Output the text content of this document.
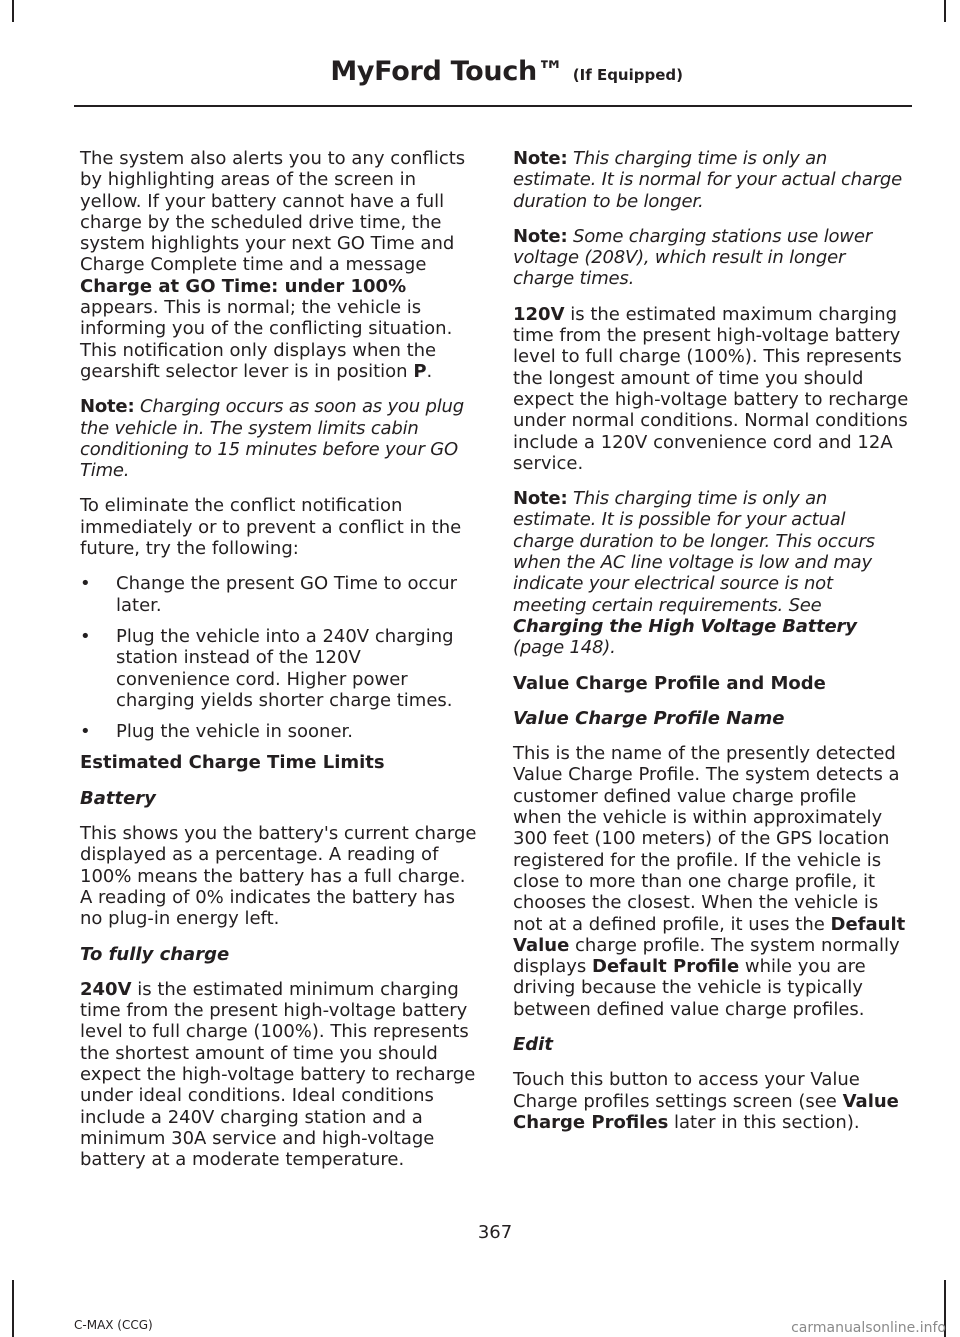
MyFord Touch™ (If Equipped)

The system also alerts you to any conflicts by highlighting areas of the screen in yellow. If your battery cannot have a full charge by the scheduled drive time, the system highlights your next GO Time and Charge Complete time and a message Charge at GO Time: under 100% appears. This is normal; the vehicle is informing you of the conflicting situation. This notification only displays when the gearshift selector lever is in position P.

Note: Charging occurs as soon as you plug the vehicle in. The system limits cabin conditioning to 15 minutes before your GO Time.

To eliminate the conflict notification immediately or to prevent a conflict in the future, try the following:

• Change the present GO Time to occur later.
• Plug the vehicle into a 240V charging station instead of the 120V convenience cord. Higher power charging yields shorter charge times.
• Plug the vehicle in sooner.
Estimated Charge Time Limits
Battery

This shows you the battery's current charge displayed as a percentage. A reading of 100% means the battery has a full charge. A reading of 0% indicates the battery has no plug-in energy left.

To fully charge

240V is the estimated minimum charging time from the present high-voltage battery level to full charge (100%). This represents the shortest amount of time you should expect the high-voltage battery to recharge under ideal conditions. Ideal conditions include a 240V charging station and a minimum 30A service and high-voltage battery at a moderate temperature.

Note: This charging time is only an estimate. It is normal for your actual charge duration to be longer.

Note: Some charging stations use lower voltage (208V), which result in longer charge times.

120V is the estimated maximum charging time from the present high-voltage battery level to full charge (100%). This represents the longest amount of time you should expect the high-voltage battery to recharge under normal conditions. Normal conditions include a 120V convenience cord and 12A service.

Note: This charging time is only an estimate. It is possible for your actual charge duration to be longer. This occurs when the AC line voltage is low and may indicate your electrical source is not meeting certain requirements. See Charging the High Voltage Battery (page 148).

Value Charge Profile and Mode
Value Charge Profile Name

This is the name of the presently detected Value Charge Profile. The system detects a customer defined value charge profile when the vehicle is within approximately 300 feet (100 meters) of the GPS location registered for the profile. If the vehicle is close to more than one charge profile, it chooses the closest. When the vehicle is not at a defined profile, it uses the Default Value charge profile. The system normally displays Default Profile while you are driving because the vehicle is typically between defined value charge profiles.

Edit

Touch this button to access your Value Charge profiles settings screen (see Value Charge Profiles later in this section).

367
C-MAX (CCG)	carmanualsonline.info
